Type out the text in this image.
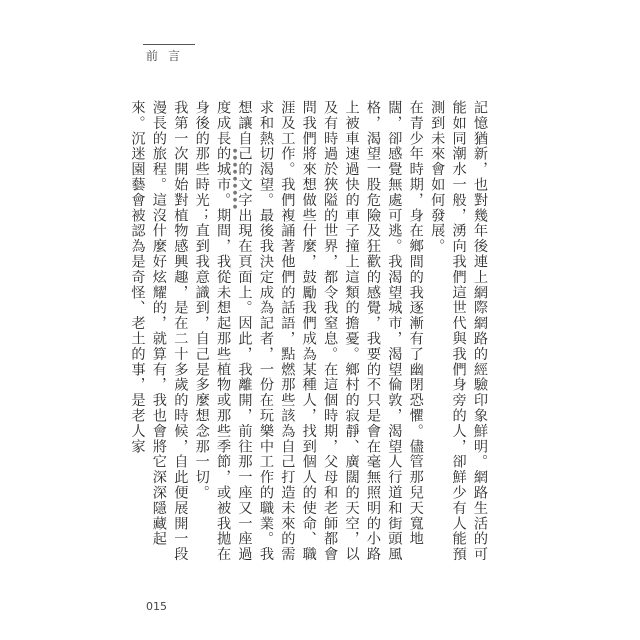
前言
●●●●●●●●●	記憶猶新，也對幾年後連上網際網路的經驗印象鮮明。網路生活的可能如同潮水一般，湧向我們這世代與我們身旁的人，卻鮮少有人能預測到未來會如何發展。

在青少年時期，身在鄉間的我逐漸有了幽閉恐懼。儘管那兒天寬地闊，卻感覺無處可逃。我渴望城市，渴望倫敦，渴望人行道和街頭風格，渴望一股危險及狂歡的感覺，我要的不只是會在毫無照明的小路上被車速過快的車子撞上這類的擔憂。鄉村的寂靜、廣闊的天空，以及有時過於狹隘的世界，都令我窒息。在這個時期，父母和老師都會問我們將來想做些什麼，鼓勵我們成為某種人，找到個人的使命、職涯及工作。我們複誦著他們的話語，點燃那些該為自己打造未來的需求和熱切渴望。最後我決定成為記者，一份在玩樂中工作的職業。我想讓自己的文字出現在頁面上。因此，我離開，前往那一座又一座過度成長的城市。期間，我從未想起那些植物或那些季節，或被我拋在身後的那些時光；直到我意識到，自己是多麼想念那一切。

我第一次開始對植物感興趣，是在二十多歲的時候，自此便展開一段漫長的旅程。這沒什麼好炫耀的，就算有，我也會將它深深隱藏起來。沉迷園藝會被認為是奇怪、老土的事，是老人家

015
